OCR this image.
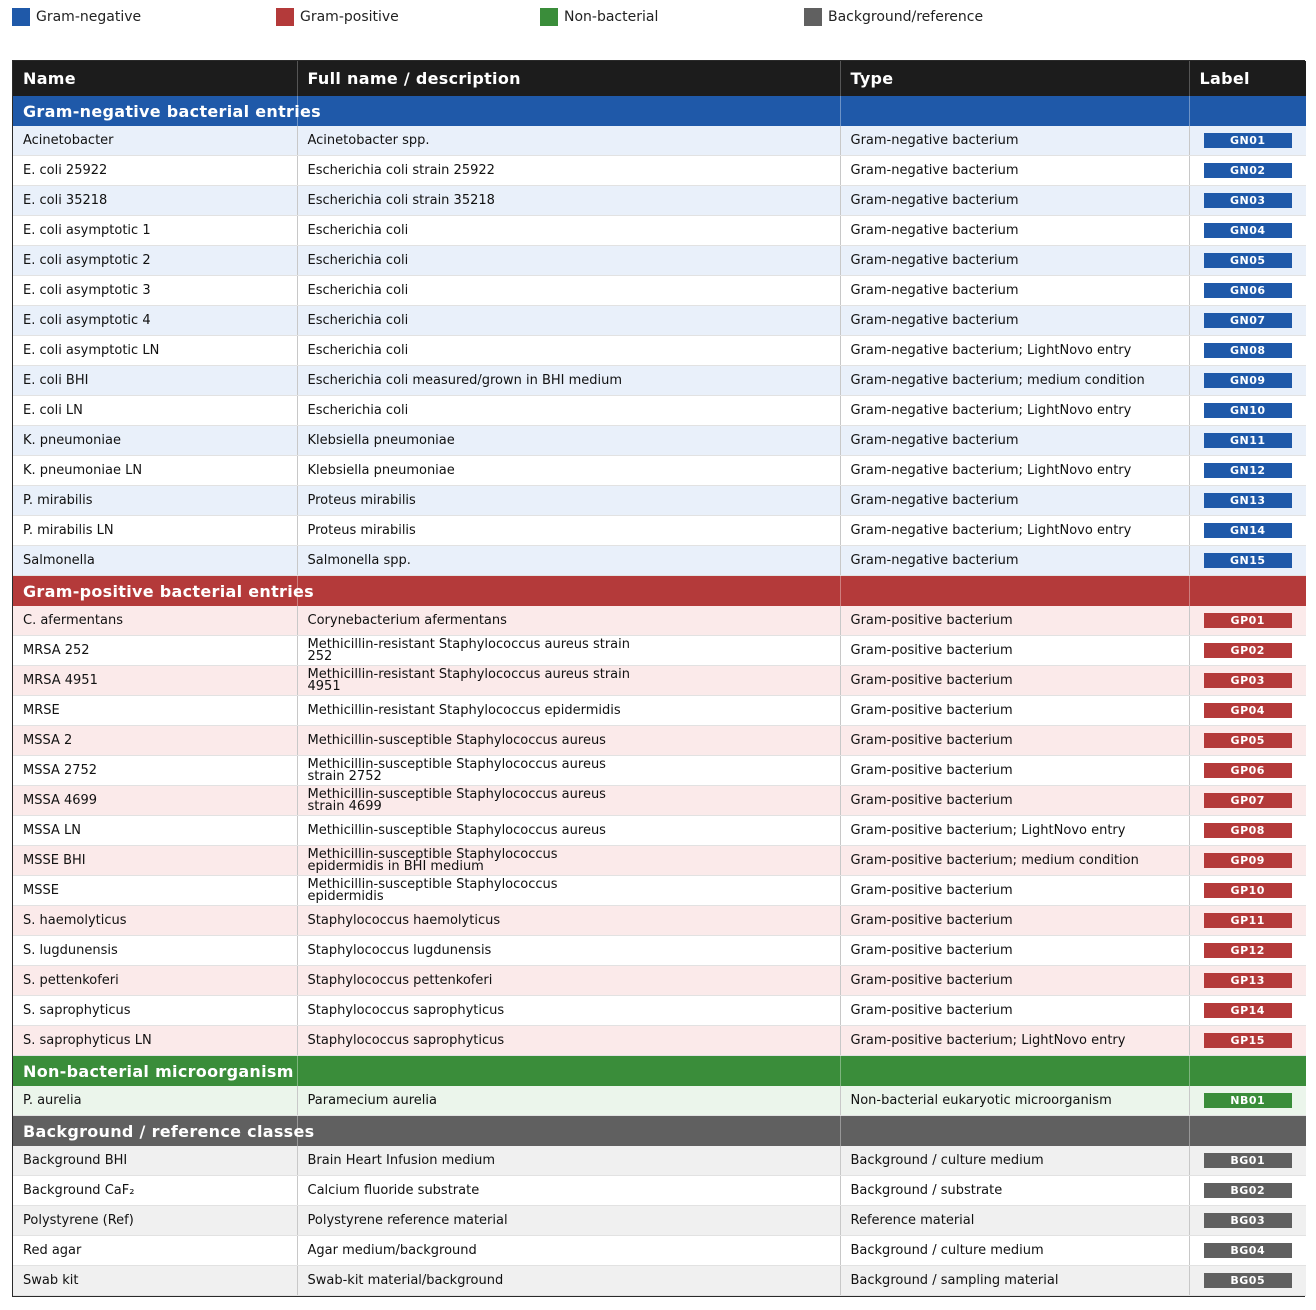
Gram-negative	Gram-positive	Non-bacterial	Background/reference
Name	Full name / description	Type	Label
Gram-negative bacterial entries			
Acinetobacter	Acinetobacter spp.	Gram-negative bacterium	GN01
E. coli 25922	Escherichia coli strain 25922	Gram-negative bacterium	GN02
E. coli 35218	Escherichia coli strain 35218	Gram-negative bacterium	GN03
E. coli asymptotic 1	Escherichia coli	Gram-negative bacterium	GN04
E. coli asymptotic 2	Escherichia coli	Gram-negative bacterium	GN05
E. coli asymptotic 3	Escherichia coli	Gram-negative bacterium	GN06
E. coli asymptotic 4	Escherichia coli	Gram-negative bacterium	GN07
E. coli asymptotic LN	Escherichia coli	Gram-negative bacterium; LightNovo entry	GN08
E. coli BHI	Escherichia coli measured/grown in BHI medium	Gram-negative bacterium; medium condition	GN09
E. coli LN	Escherichia coli	Gram-negative bacterium; LightNovo entry	GN10
K. pneumoniae	Klebsiella pneumoniae	Gram-negative bacterium	GN11
K. pneumoniae LN	Klebsiella pneumoniae	Gram-negative bacterium; LightNovo entry	GN12
P. mirabilis	Proteus mirabilis	Gram-negative bacterium	GN13
P. mirabilis LN	Proteus mirabilis	Gram-negative bacterium; LightNovo entry	GN14
Salmonella	Salmonella spp.	Gram-negative bacterium	GN15
Gram-positive bacterial entries			
C. afermentans	Corynebacterium afermentans	Gram-positive bacterium	GP01
MRSA 252	Methicillin-resistant Staphylococcus aureus strain 252	Gram-positive bacterium	GP02
MRSA 4951	Methicillin-resistant Staphylococcus aureus strain 4951	Gram-positive bacterium	GP03
MRSE	Methicillin-resistant Staphylococcus epidermidis	Gram-positive bacterium	GP04
MSSA 2	Methicillin-susceptible Staphylococcus aureus	Gram-positive bacterium	GP05
MSSA 2752	Methicillin-susceptible Staphylococcus aureus strain 2752	Gram-positive bacterium	GP06
MSSA 4699	Methicillin-susceptible Staphylococcus aureus strain 4699	Gram-positive bacterium	GP07
MSSA LN	Methicillin-susceptible Staphylococcus aureus	Gram-positive bacterium; LightNovo entry	GP08
MSSE BHI	Methicillin-susceptible Staphylococcus epidermidis in BHI medium	Gram-positive bacterium; medium condition	GP09
MSSE	Methicillin-susceptible Staphylococcus epidermidis	Gram-positive bacterium	GP10
S. haemolyticus	Staphylococcus haemolyticus	Gram-positive bacterium	GP11
S. lugdunensis	Staphylococcus lugdunensis	Gram-positive bacterium	GP12
S. pettenkoferi	Staphylococcus pettenkoferi	Gram-positive bacterium	GP13
S. saprophyticus	Staphylococcus saprophyticus	Gram-positive bacterium	GP14
S. saprophyticus LN	Staphylococcus saprophyticus	Gram-positive bacterium; LightNovo entry	GP15
Non-bacterial microorganism			
P. aurelia	Paramecium aurelia	Non-bacterial eukaryotic microorganism	NB01
Background / reference classes			
Background BHI	Brain Heart Infusion medium	Background / culture medium	BG01
Background CaF₂	Calcium fluoride substrate	Background / substrate	BG02
Polystyrene (Ref)	Polystyrene reference material	Reference material	BG03
Red agar	Agar medium/background	Background / culture medium	BG04
Swab kit	Swab-kit material/background	Background / sampling material	BG05
